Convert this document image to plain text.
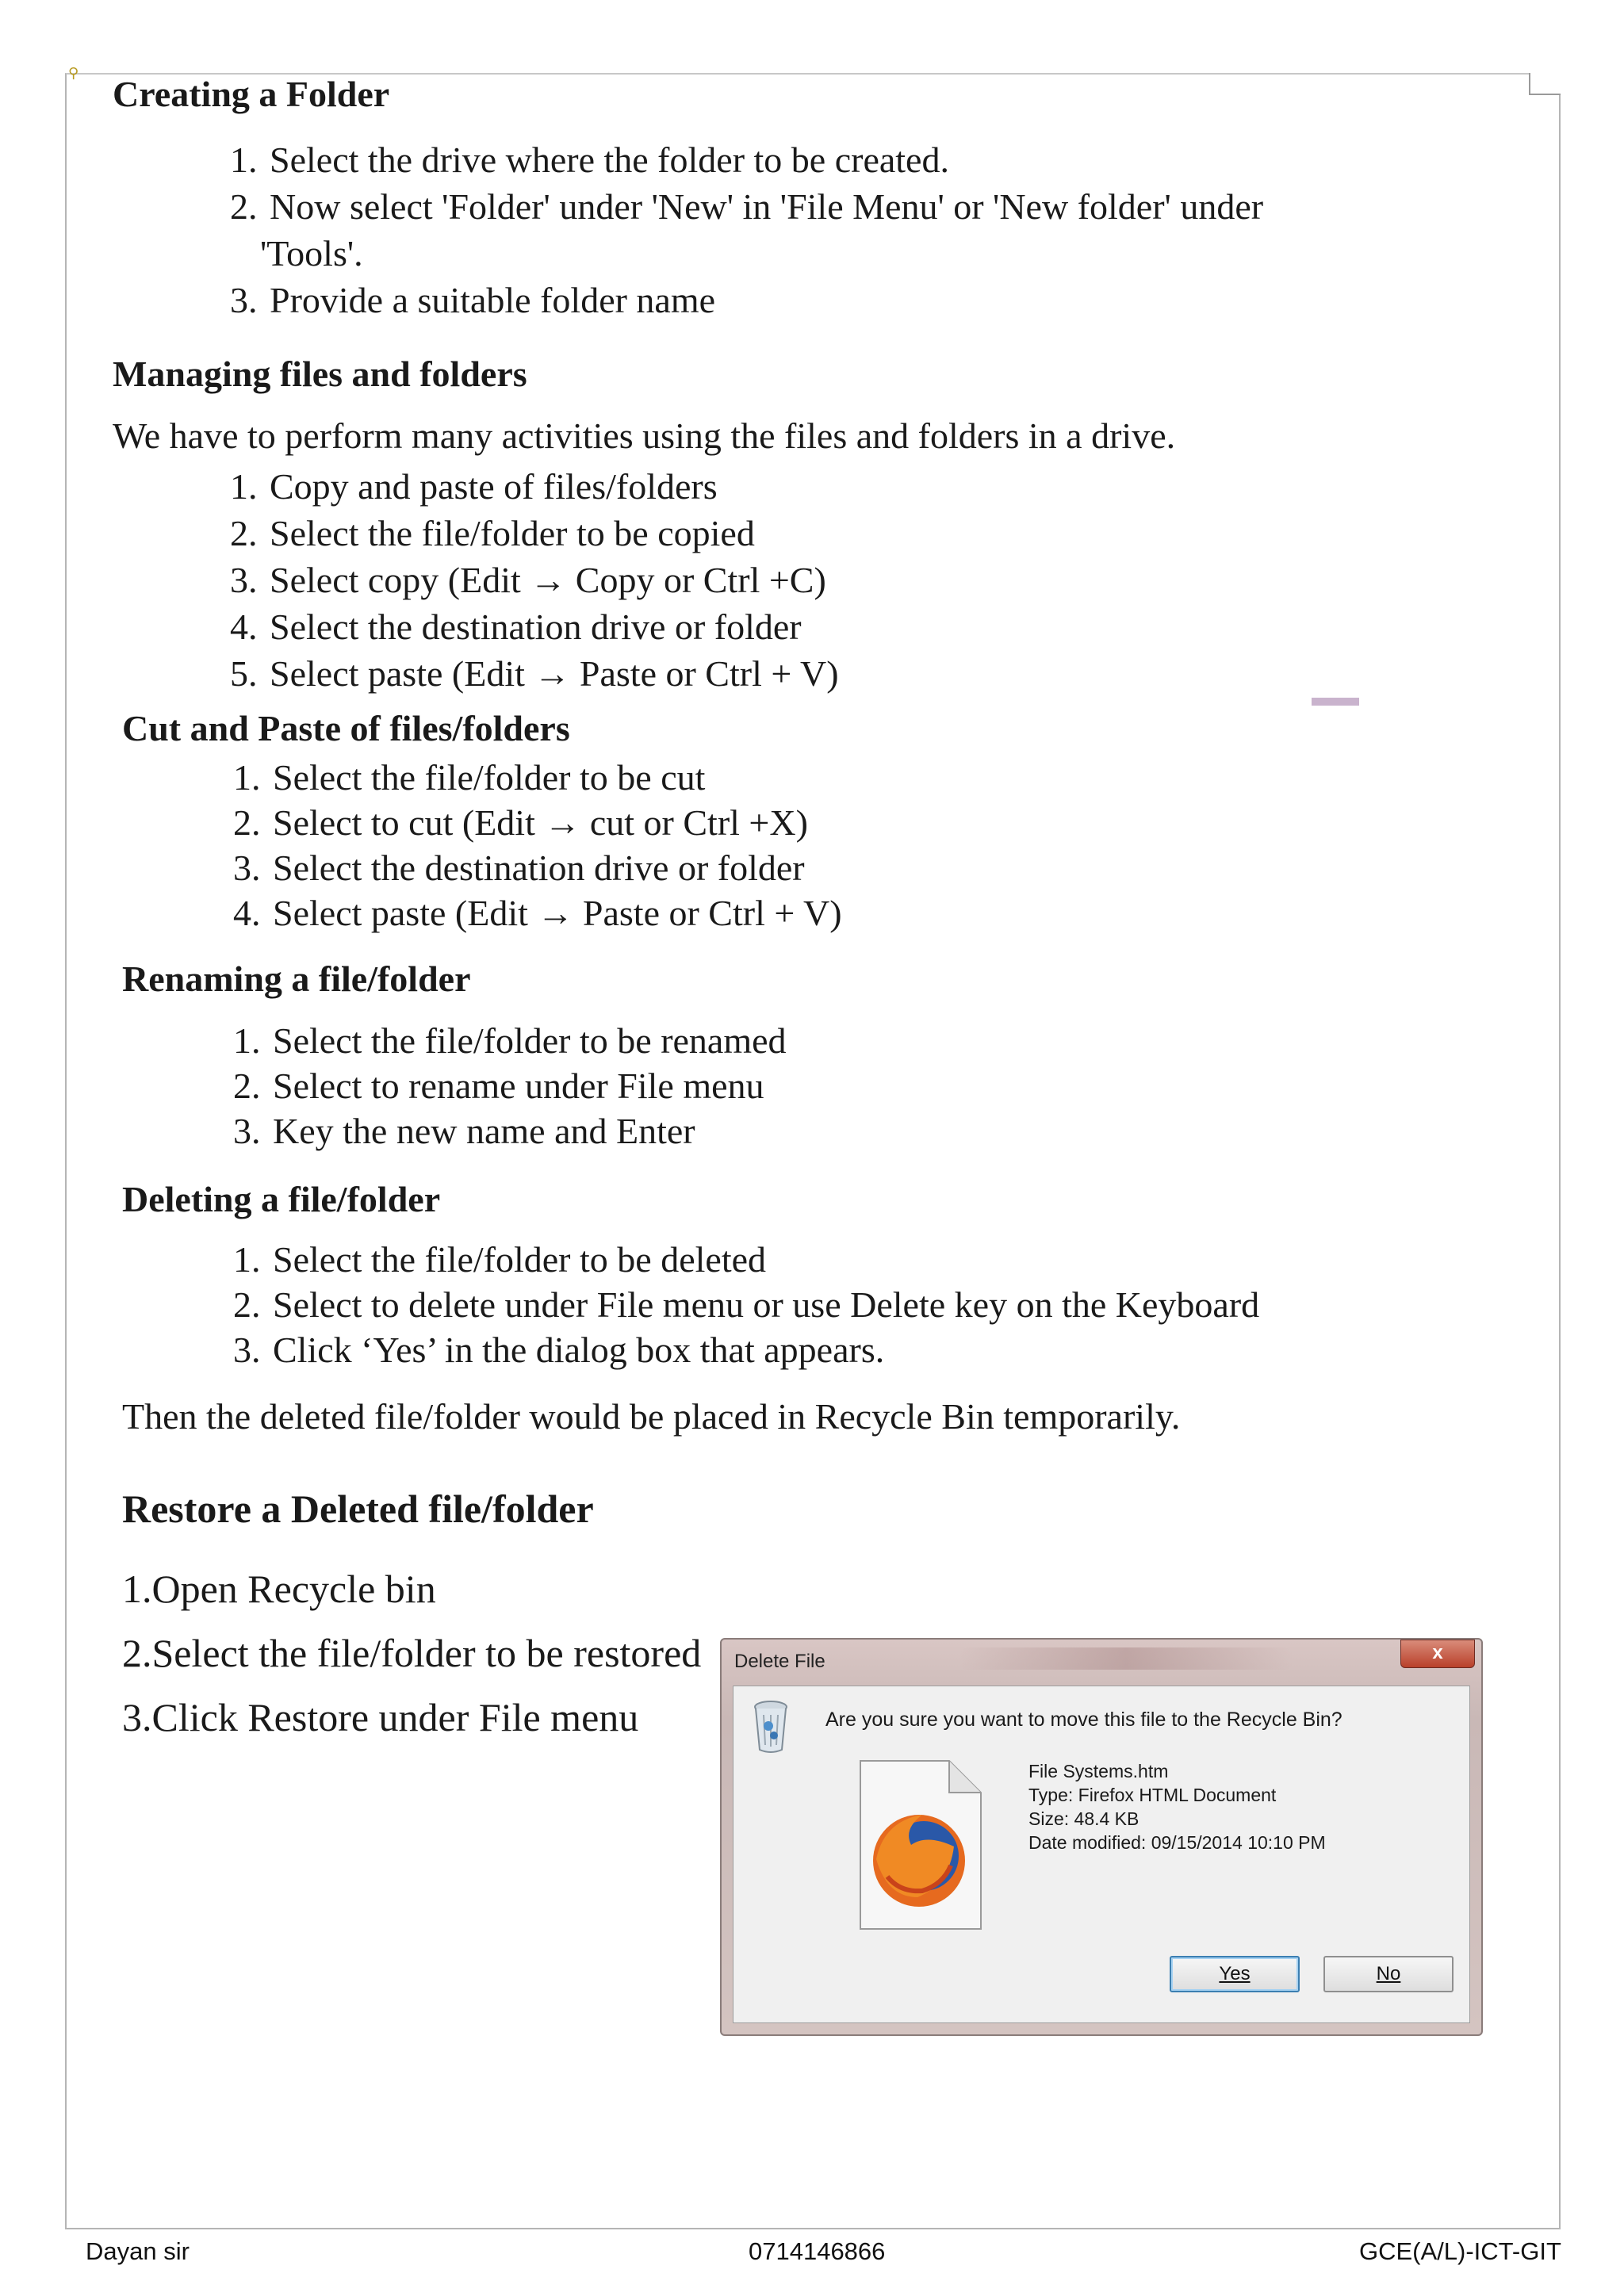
⚲
Creating a Folder
1. Select the drive where the folder to be created.
2. Now select 'Folder' under 'New' in 'File Menu' or 'New folder' under
'Tools'.
3. Provide a suitable folder name
Managing files and folders

We have to perform many activities using the files and folders in a drive.

1. Copy and paste of files/folders
2. Select the file/folder to be copied
3. Select copy (Edit → Copy or Ctrl +C)
4. Select the destination drive or folder
5. Select paste (Edit → Paste or Ctrl + V)
Cut and Paste of files/folders
1. Select the file/folder to be cut
2. Select to cut (Edit → cut or Ctrl +X)
3. Select the destination drive or folder
4. Select paste (Edit → Paste or Ctrl + V)
Renaming a file/folder
1. Select the file/folder to be renamed
2. Select to rename under File menu
3. Key the new name and Enter
Deleting a file/folder
1. Select the file/folder to be deleted
2. Select to delete under File menu or use Delete key on the Keyboard
3. Click ‘Yes’ in the dialog box that appears.

Then the deleted file/folder would be placed in Recycle Bin temporarily.

Restore a Deleted file/folder
1.Open Recycle bin
2.Select the file/folder to be restored
3.Click Restore under File menu
Delete File	x
Are you sure you want to move this file to the Recycle Bin?
File Systems.htm
Type: Firefox HTML Document
Size: 48.4 KB
Date modified: 09/15/2014 10:10 PM
Yes	No
Dayan sir	0714146866	GCE(A/L)-ICT-GIT
